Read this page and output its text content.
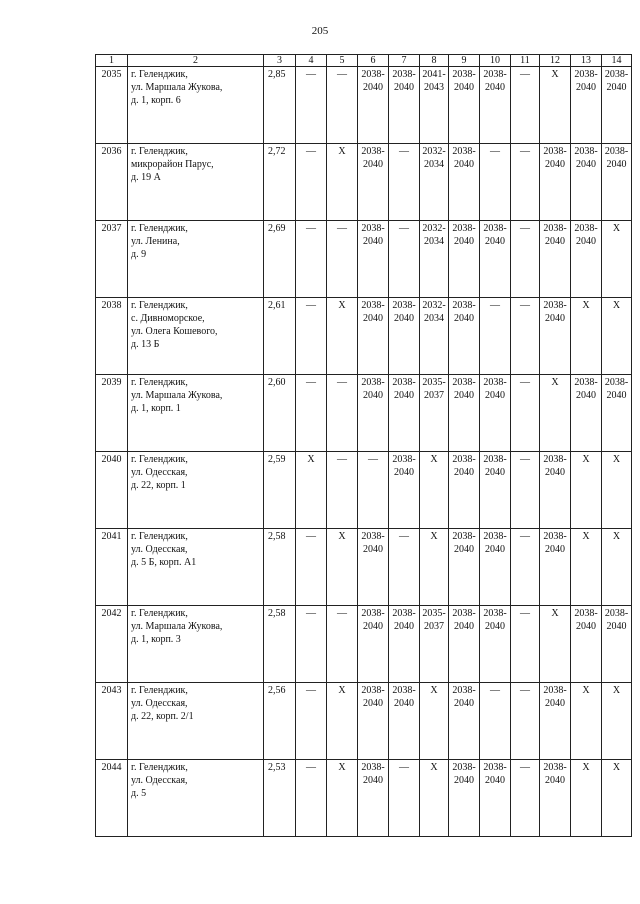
205
1	2	3	4	5	6	7	8	9	10	11	12	13	14
2035	г. Геленджик,
ул. Маршала Жукова,
д. 1, корп. 6	2,85	—	—	2038-
2040	2038-
2040	2041-
2043	2038-
2040	2038-
2040	—	X	2038-
2040	2038-
2040
2036	г. Геленджик,
микрорайон Парус,
д. 19 А	2,72	—	X	2038-
2040	—	2032-
2034	2038-
2040	—	—	2038-
2040	2038-
2040	2038-
2040
2037	г. Геленджик,
ул. Ленина,
д. 9	2,69	—	—	2038-
2040	—	2032-
2034	2038-
2040	2038-
2040	—	2038-
2040	2038-
2040	X
2038	г. Геленджик,
с. Дивноморское,
ул. Олега Кошевого,
д. 13 Б	2,61	—	X	2038-
2040	2038-
2040	2032-
2034	2038-
2040	—	—	2038-
2040	X	X
2039	г. Геленджик,
ул. Маршала Жукова,
д. 1, корп. 1	2,60	—	—	2038-
2040	2038-
2040	2035-
2037	2038-
2040	2038-
2040	—	X	2038-
2040	2038-
2040
2040	г. Геленджик,
ул. Одесская,
д. 22, корп. 1	2,59	X	—	—	2038-
2040	X	2038-
2040	2038-
2040	—	2038-
2040	X	X
2041	г. Геленджик,
ул. Одесская,
д. 5 Б, корп. А1	2,58	—	X	2038-
2040	—	X	2038-
2040	2038-
2040	—	2038-
2040	X	X
2042	г. Геленджик,
ул. Маршала Жукова,
д. 1, корп. 3	2,58	—	—	2038-
2040	2038-
2040	2035-
2037	2038-
2040	2038-
2040	—	X	2038-
2040	2038-
2040
2043	г. Геленджик,
ул. Одесская,
д. 22, корп. 2/1	2,56	—	X	2038-
2040	2038-
2040	X	2038-
2040	—	—	2038-
2040	X	X
2044	г. Геленджик,
ул. Одесская,
д. 5	2,53	—	X	2038-
2040	—	X	2038-
2040	2038-
2040	—	2038-
2040	X	X
